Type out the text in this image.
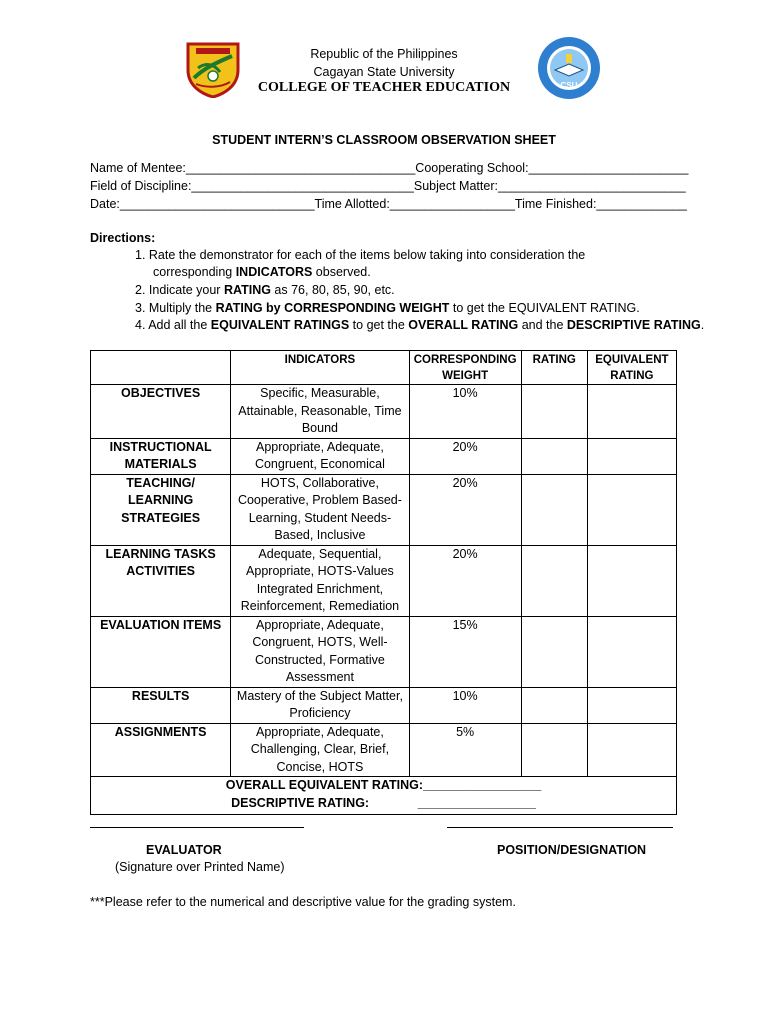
CSU
Republic of the Philippines
Cagayan State University
COLLEGE OF TEACHER EDUCATION
STUDENT INTERN’S CLASSROOM OBSERVATION SHEET
Name of Mentee:_________________________________Cooperating School:_______________________
Field of Discipline:________________________________Subject Matter:___________________________
Date:____________________________Time Allotted:__________________Time Finished:_____________
Directions:
1. Rate the demonstrator for each of the items below taking into consideration the
corresponding INDICATORS observed.
2. Indicate your RATING as 76, 80, 85, 90, etc.
3. Multiply the RATING by CORRESPONDING WEIGHT to get the EQUIVALENT RATING.
4. Add all the EQUIVALENT RATINGS to get the OVERALL RATING and the DESCRIPTIVE RATING.
	INDICATORS	CORRESPONDING WEIGHT	RATING	EQUIVALENT RATING
OBJECTIVES	Specific, Measurable, Attainable, Reasonable, Time Bound	10%		
INSTRUCTIONAL MATERIALS	Appropriate, Adequate, Congruent, Economical	20%		
TEACHING/ LEARNING STRATEGIES	HOTS, Collaborative, Cooperative, Problem Based-Learning, Student Needs-Based, Inclusive	20%		
LEARNING TASKS ACTIVITIES	Adequate, Sequential, Appropriate, HOTS-Values Integrated Enrichment, Reinforcement, Remediation	20%		
EVALUATION ITEMS	Appropriate, Adequate, Congruent, HOTS, Well-Constructed, Formative Assessment	15%		
RESULTS	Mastery of the Subject Matter, Proficiency	10%		
ASSIGNMENTS	Appropriate, Adequate, Challenging, Clear, Brief, Concise, HOTS	5%		

OVERALL EQUIVALENT RATING:_________________
DESCRIPTIVE RATING:              _________________				
EVALUATOR	POSITION/DESIGNATION
(Signature over Printed Name)
***Please refer to the numerical and descriptive value for the grading system.
